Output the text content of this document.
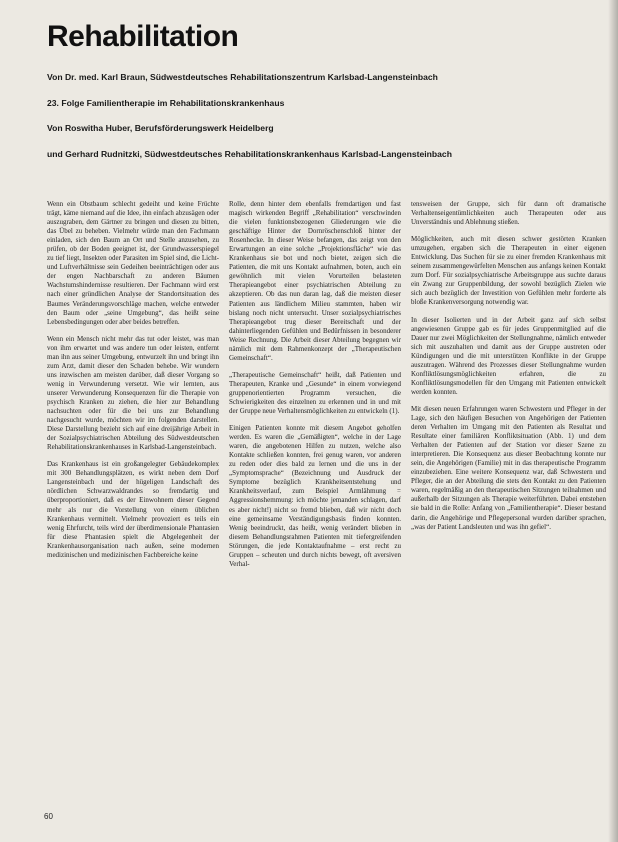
Rehabilitation
Von Dr. med. Karl Braun, Südwestdeutsches Rehabilitationszentrum Karlsbad-Langensteinbach
23. Folge Familientherapie im Rehabilitationskrankenhaus
Von Roswitha Huber, Berufsförderungswerk Heidelberg
und Gerhard Rudnitzki, Südwestdeutsches Rehabilitationskrankenhaus Karlsbad-Langensteinbach

Wenn ein Obstbaum schlecht gedeiht und keine Früchte trägt, käme niemand auf die Idee, ihn einfach abzusägen oder auszugraben, dem Gärtner zu bringen und diesen zu bitten, das Übel zu beheben. Vielmehr würde man den Fachmann einladen, sich den Baum an Ort und Stelle anzusehen, zu prüfen, ob der Boden geeignet ist, der Grundwasserspiegel zu tief liegt, Insekten oder Parasiten im Spiel sind, die Licht- und Luftverhältnisse sein Gedeihen beeinträchtigen oder aus der engen Nachbarschaft zu anderen Bäumen Wachstumshindernisse resultieren. Der Fachmann wird erst nach einer gründlichen Analyse der Standortsituation des Baumes Veränderungsvorschläge machen, welche entweder den Baum oder „seine Umgebung“, das heißt seine Lebensbedingungen oder aber beides betreffen.

Wenn ein Mensch nicht mehr das tut oder leistet, was man von ihm erwartet und was andere tun oder leisten, entfernt man ihn aus seiner Umgebung, entwurzelt ihn und bringt ihn zum Arzt, damit dieser den Schaden behebe. Wir wundern uns inzwischen am meisten darüber, daß dieser Vorgang so wenig in Verwunderung versetzt. Wie wir lernten, aus unserer Verwunderung Konsequenzen für die Therapie von psychisch Kranken zu ziehen, die hier zur Behandlung nachsuchten oder für die bei uns zur Behandlung nachgesucht wurde, möchten wir im folgenden darstellen. Diese Darstellung bezieht sich auf eine dreijährige Arbeit in der Sozialpsychiatrischen Abteilung des Südwestdeutschen Rehabilitationskrankenhauses in Karlsbad-Langensteinbach.

Das Krankenhaus ist ein großangelegter Gebäudekomplex mit 300 Behandlungsplätzen, es wirkt neben dem Dorf Langensteinbach und der hügeligen Landschaft des nördlichen Schwarzwaldrandes so fremdartig und überproportioniert, daß es der Einwohnern dieser Gegend mehr als nur die Vorstellung von einem üblichen Krankenhaus vermittelt. Vielmehr provoziert es teils ein wenig Ehrfurcht, teils wird der überdimensionale Phantasien für diese Phantasien spielt die Abgelegenheit der Krankenhausorganisation nach außen, seine modernen medizinischen und medizinischen Fachbereiche keine

Rolle, denn hinter dem ebenfalls fremdartigen und fast magisch wirkenden Begriff „Rehabilitation“ verschwinden die vielen funktionsbezogenen Gliederungen wie die geschäftige Hinter der Dornröschenschloß hinter der Rosenhecke. In dieser Weise befangen, das zeigt von den Erwartungen an eine solche „Projektionsfläche“ wie das Krankenhaus sie bot und noch bietet, zeigen sich die Patienten, die mit uns Kontakt aufnahmen, boten, auch ein gewöhnlich mit vielen Vorurteilen belasteten Therapieangebot einer psychiatrischen Abteilung zu akzeptieren. Ob das nun daran lag, daß die meisten dieser Patienten aus ländlichem Milieu stammten, haben wir bislang noch nicht untersucht. Unser sozialpsychiatrisches Therapieangebot trug dieser Bereitschaft und der dahinterliegenden Gefühlen und Bedürfnissen in besonderer Weise Rechnung. Die Arbeit dieser Abteilung begegnen wir nämlich mit dem Rahmenkonzept der „Therapeutischen Gemeinschaft“.

„Therapeutische Gemeinschaft“ heißt, daß Patienten und Therapeuten, Kranke und „Gesunde“ in einem vorwiegend gruppenorientierten Programm versuchen, die Schwierigkeiten des einzelnen zu erkennen und in und mit der Gruppe neue Verhaltensmöglichkeiten zu entwickeln (1).

Einigen Patienten konnte mit diesem Angebot geholfen werden. Es waren die „Gemäßigten“, welche in der Lage waren, die angebotenen Hilfen zu nutzen, welche also Kontakte schließen konnten, frei genug waren, vor anderen zu reden oder dies bald zu lernen und die uns in der „Symptomsprache“ (Bezeichnung und Ausdruck der Symptome bezüglich Krankheitsentstehung und Krankheitsverlauf, zum Beispiel Armlähmung = Aggressionshemmung: ich möchte jemanden schlagen, darf es aber nicht!) nicht so fremd blieben, daß wir nicht doch eine gemeinsame Verständigungsbasis finden konnten. Wenig beeindruckt, das heißt, wenig verändert blieben in diesem Behandlungsrahmen Patienten mit tiefergreifenden Störungen, die jede Kontaktaufnahme – erst recht zu Gruppen – scheuten und durch nichts bewegt, oft aversiven Verhal-

tensweisen der Gruppe, sich für dann oft dramatische Verhaltenseigentümlichkeiten auch Therapeuten oder aus Unverständnis und Ablehnung stießen.

Möglichkeiten, auch mit diesen schwer gestörten Kranken umzugehen, ergaben sich die Therapeuten in einer eigenen Entwicklung. Das Suchen für sie zu einer fremden Krankenhaus mit seinem zusammengewürfelten Menschen aus anfangs keinen Kontakt zum Dorf. Für sozialpsychiatrische Arbeitsgruppe aus suchte daraus ein Zwang zur Gruppenbildung, der sowohl bezüglich Zielen wie sich auch bezüglich der Investition von Gefühlen mehr forderte als bloße Krankenversorgung notwendig war.

In dieser Isolierten und in der Arbeit ganz auf sich selbst angewiesenen Gruppe gab es für jedes Gruppenmitglied auf die Dauer nur zwei Möglichkeiten der Stellungnahme, nämlich entweder sich mit auszuhalten und damit aus der Gruppe austreten oder Kündigungen und die mit unterstützen Konflikte in der Gruppe auszutragen. Während des Prozesses dieser Stellungnahme wurden Konfliktlösungsmöglichkeiten erfahren, die zu Konfliktlösungsmodellen für den Umgang mit Patienten entwickelt werden konnten.

Mit diesen neuen Erfahrungen waren Schwestern und Pfleger in der Lage, sich den häufigen Besuchen von Angehörigen der Patienten deren Verhalten im Umgang mit den Patienten als Resultat und Resultate einer familiären Konfliktsituation (Abb. 1) und dem Verhalten der Patienten auf der Station vor dieser Szene zu interpretieren. Die Konsequenz aus dieser Beobachtung konnte nur sein, die Angehörigen (Familie) mit in das therapeutische Programm einzubeziehen. Eine weitere Konsequenz war, daß Schwestern und Pfleger, die an der Abteilung die stets den Kontakt zu den Patienten waren, regelmäßig an den therapeutischen Sitzungen teilnahmen und außerhalb der Sitzungen als Therapie weiterführten. Dabei entstehen sie bald in die Rolle: Anfang von „Familientherapie“. Dieser bestand darin, die Angehörige und Pflegepersonal wurden darüber sprachen, „was der Patient Landsleuten und was ihn gefiel“.

60
